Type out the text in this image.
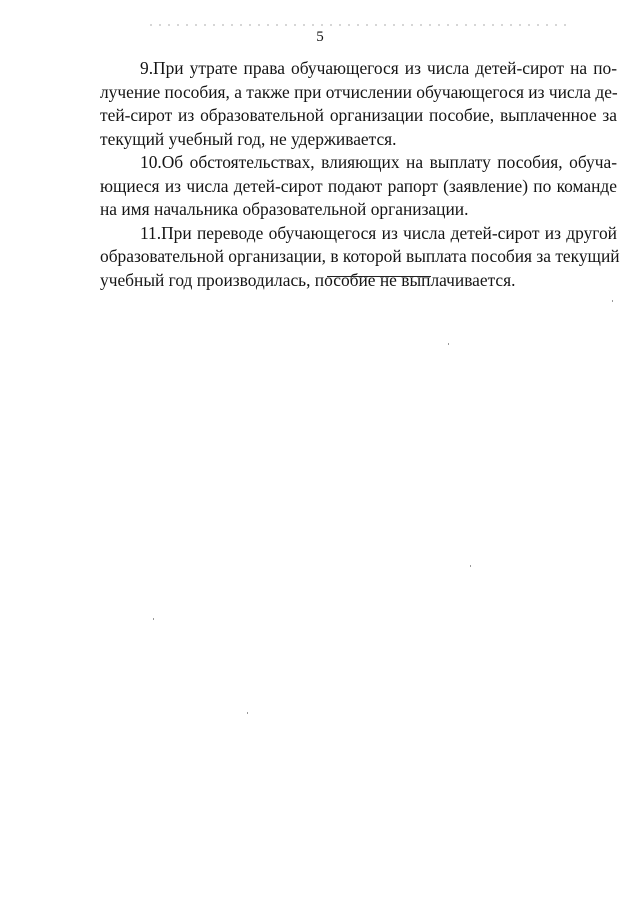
5

9.При утрате права обучающегося из числа детей-сирот на по-
лучение пособия, а также при отчислении обучающегося из числа де-
тей-сирот из образовательной организации пособие, выплаченное за
текущий учебный год, не удерживается.

10.Об обстоятельствах, влияющих на выплату пособия, обуча-
ющиеся из числа детей-сирот подают рапорт (заявление) по команде
на имя начальника образовательной организации.

11.При переводе обучающегося из числа детей-сирот из другой
образовательной организации, в которой выплата пособия за текущий
учебный год производилась, пособие не выплачивается.
